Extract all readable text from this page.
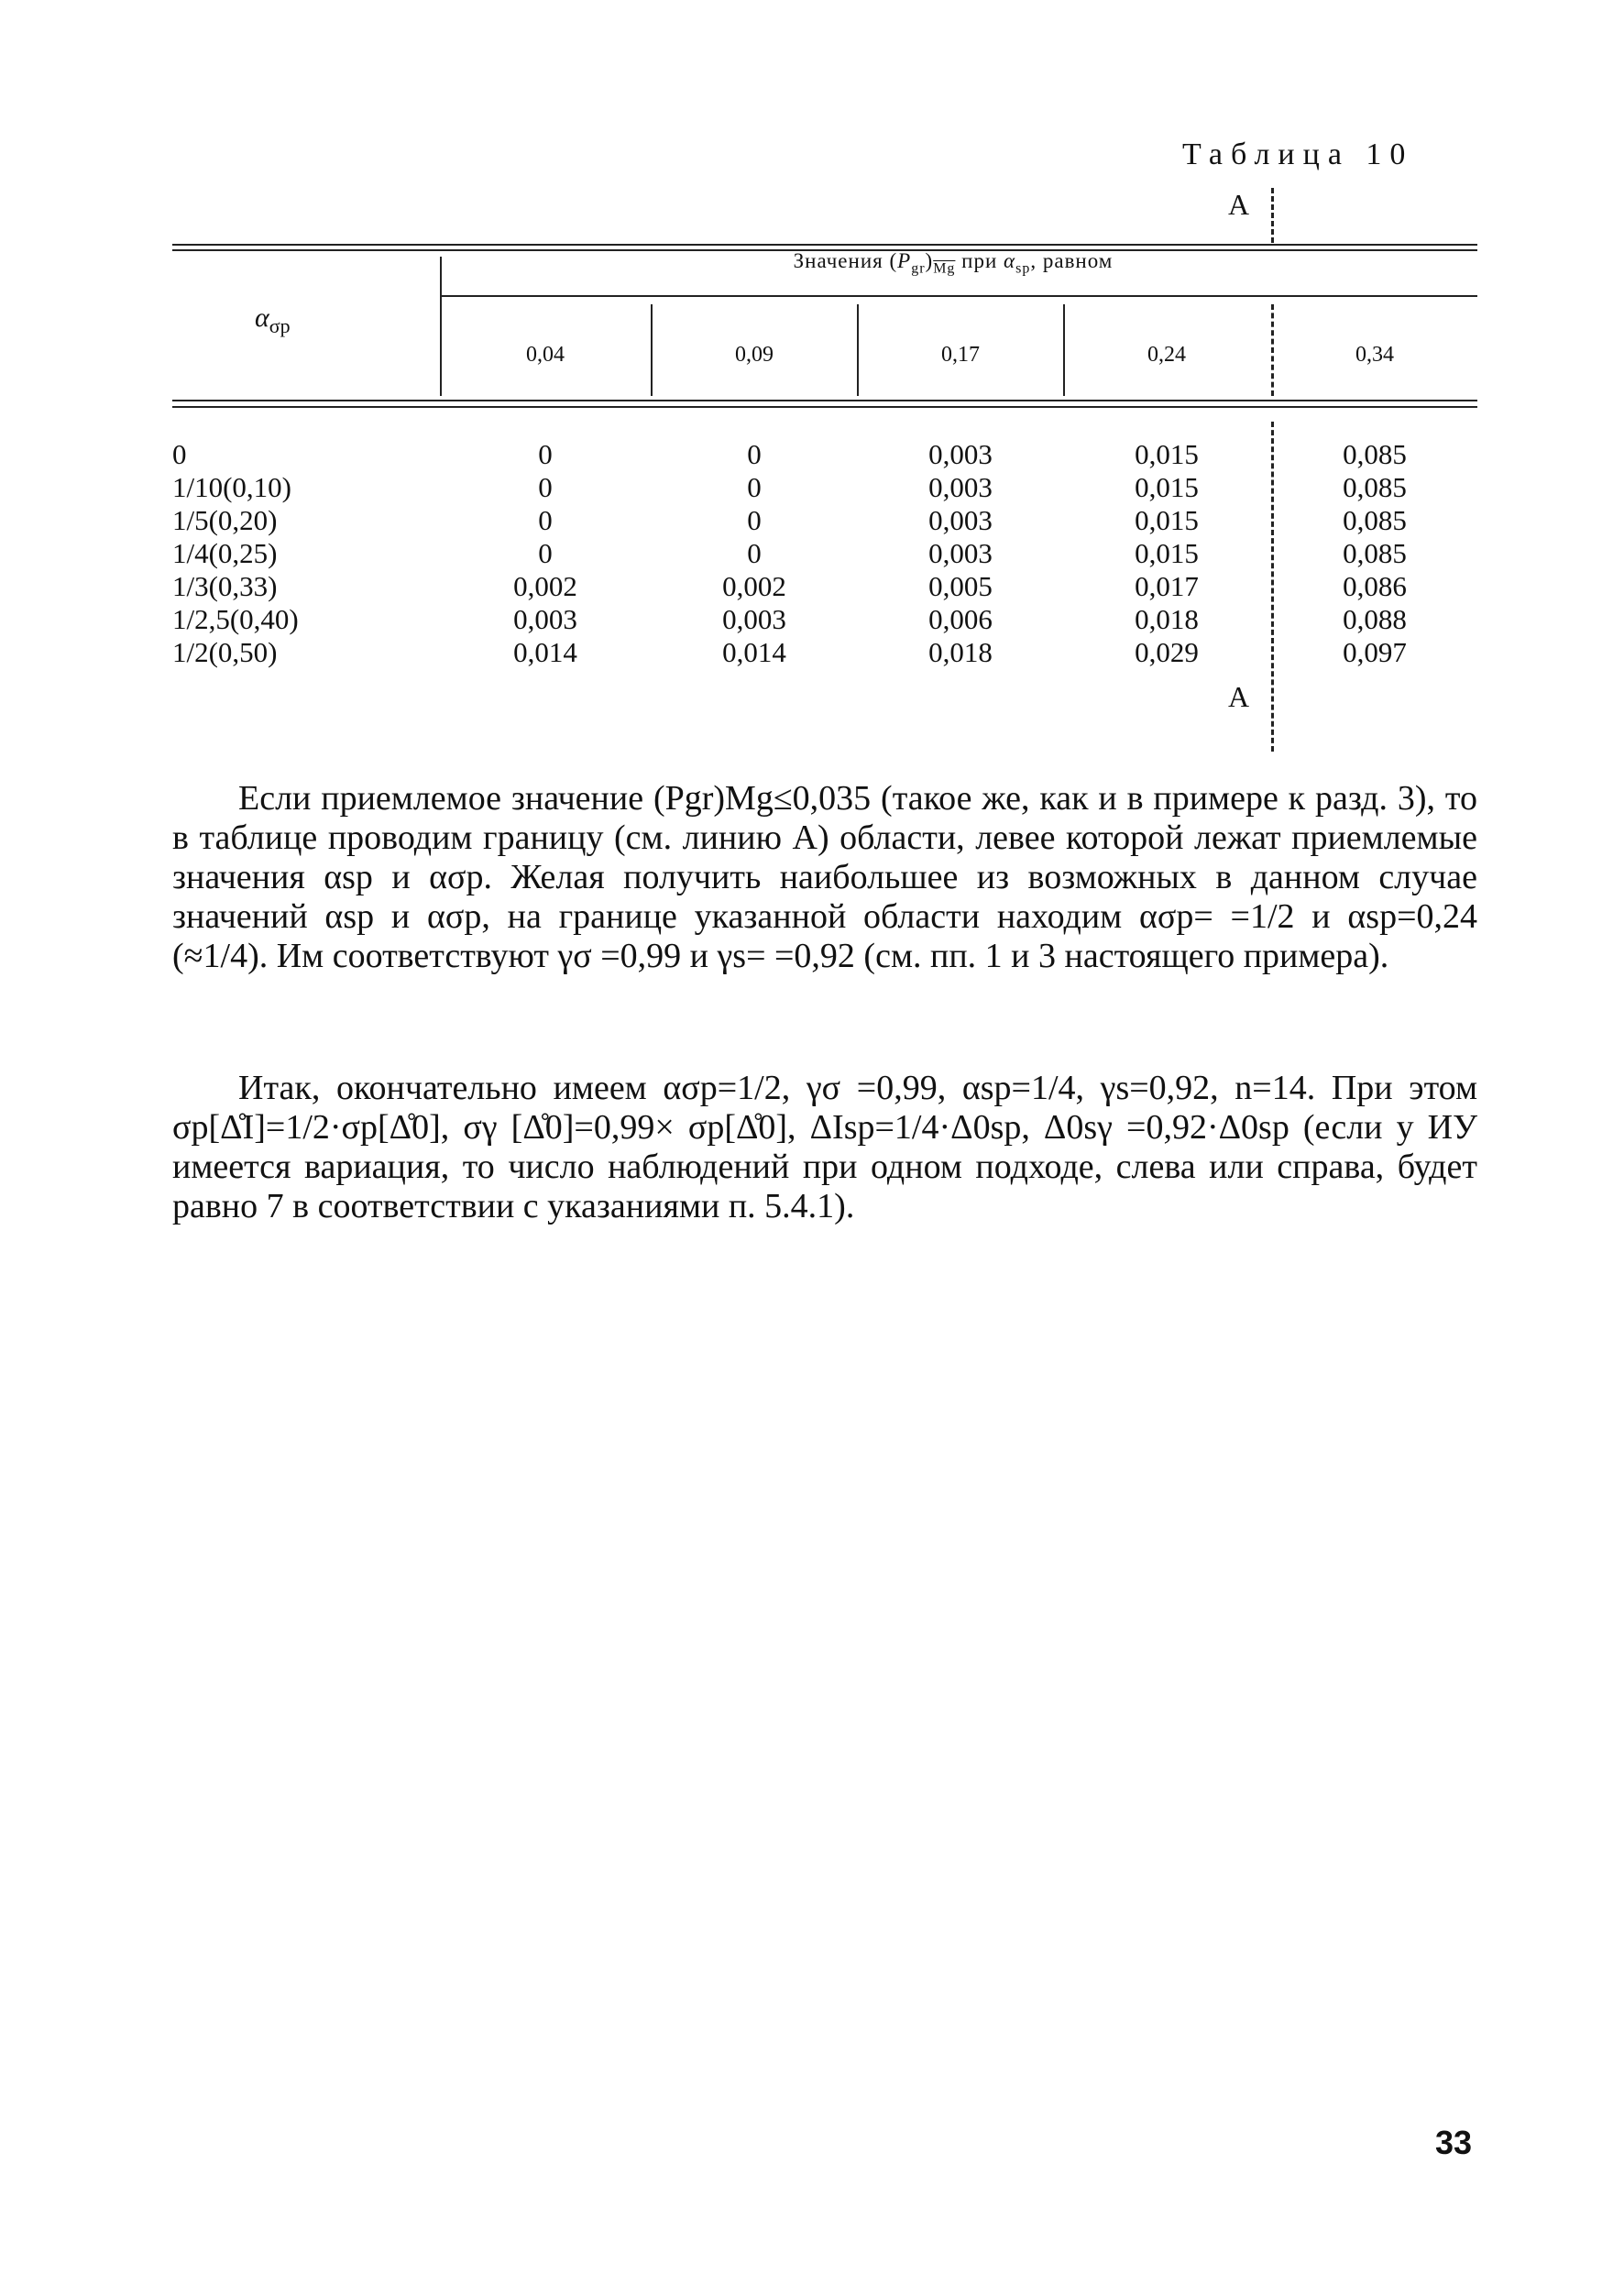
Таблица 10
А
Значения $(P_{gr})_{\overline{Mg}}$ при $\alpha_{sp}$, равном
$\alpha_{\sigma p}$
0,04	0,09	0,17	0,24	0,34
0	0	0	0,003	0,015	0,085
1/10(0,10)	0	0	0,003	0,015	0,085
1/5(0,20)	0	0	0,003	0,015	0,085
1/4(0,25)	0	0	0,003	0,015	0,085
1/3(0,33)	0,002	0,002	0,005	0,017	0,086
1/2,5(0,40)	0,003	0,003	0,006	0,018	0,088
1/2(0,50)	0,014	0,014	0,018	0,029	0,097
А
Если приемлемое значение (Pgr)Mg≤0,035 (такое же, как и в примере к разд. 3), то в таблице проводим границу (см. линию А) области, левее которой лежат приемлемые значения αsp и ασp. Желая получить наибольшее из возможных в данном случае значений αsp и ασp, на границе указанной области находим ασp= =1/2 и αsp=0,24 (≈1/4). Им соответствуют γσ =0,99 и γs= =0,92 (см. пп. 1 и 3 настоящего примера).
Итак, окончательно имеем ασp=1/2, γσ =0,99, αsp=1/4, γs=0,92, n=14. При этом σp[Δ̊I]=1/2·σp[Δ̊0], σγ [Δ̊0]=0,99× σp[Δ̊0], ΔIsp=1/4·Δ0sp, Δ0sγ =0,92·Δ0sp (если у ИУ имеется вариация, то число наблюдений при одном подходе, слева или справа, будет равно 7 в соответствии с указаниями п. 5.4.1).
33
